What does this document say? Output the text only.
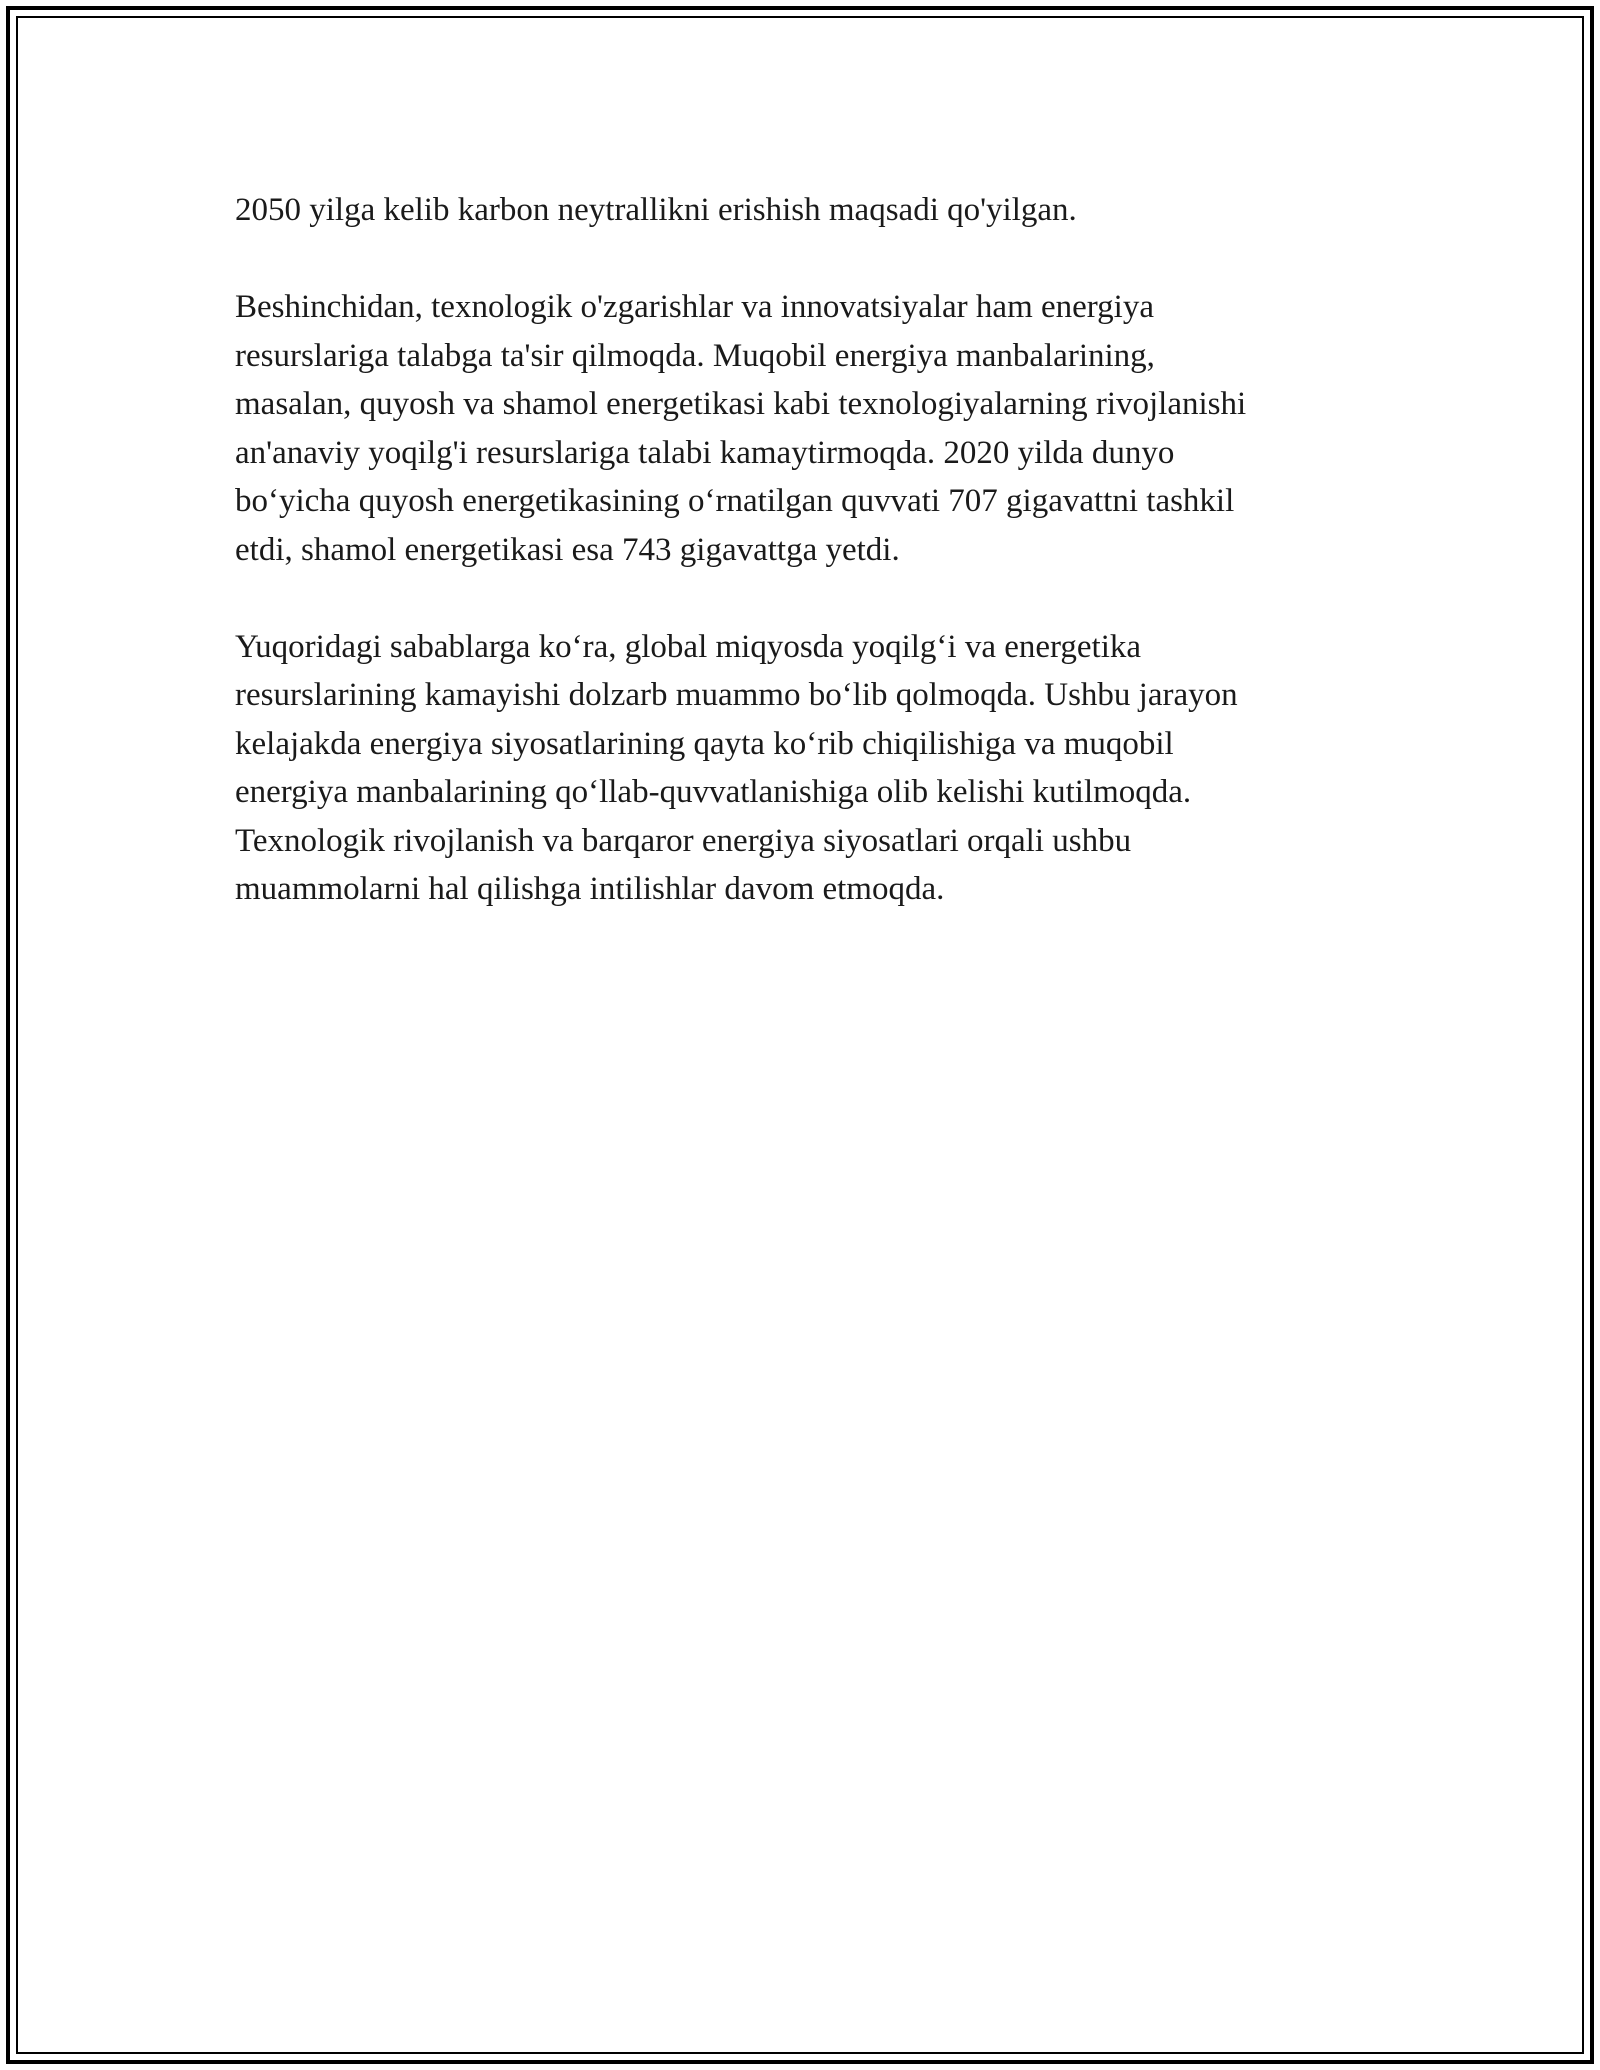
2050 yilga kelib karbon neytrallikni erishish maqsadi qo'yilgan.

Beshinchidan, texnologik o'zgarishlar va innovatsiyalar ham energiya
resurslariga talabga ta'sir qilmoqda. Muqobil energiya manbalarining,
masalan, quyosh va shamol energetikasi kabi texnologiyalarning rivojlanishi
an'anaviy yoqilg'i resurslariga talabi kamaytirmoqda. 2020 yilda dunyo
bo‘yicha quyosh energetikasining o‘rnatilgan quvvati 707 gigavattni tashkil
etdi, shamol energetikasi esa 743 gigavattga yetdi.

Yuqoridagi sabablarga ko‘ra, global miqyosda yoqilg‘i va energetika
resurslarining kamayishi dolzarb muammo bo‘lib qolmoqda. Ushbu jarayon
kelajakda energiya siyosatlarining qayta ko‘rib chiqilishiga va muqobil
energiya manbalarining qo‘llab-quvvatlanishiga olib kelishi kutilmoqda.
Texnologik rivojlanish va barqaror energiya siyosatlari orqali ushbu
muammolarni hal qilishga intilishlar davom etmoqda.
